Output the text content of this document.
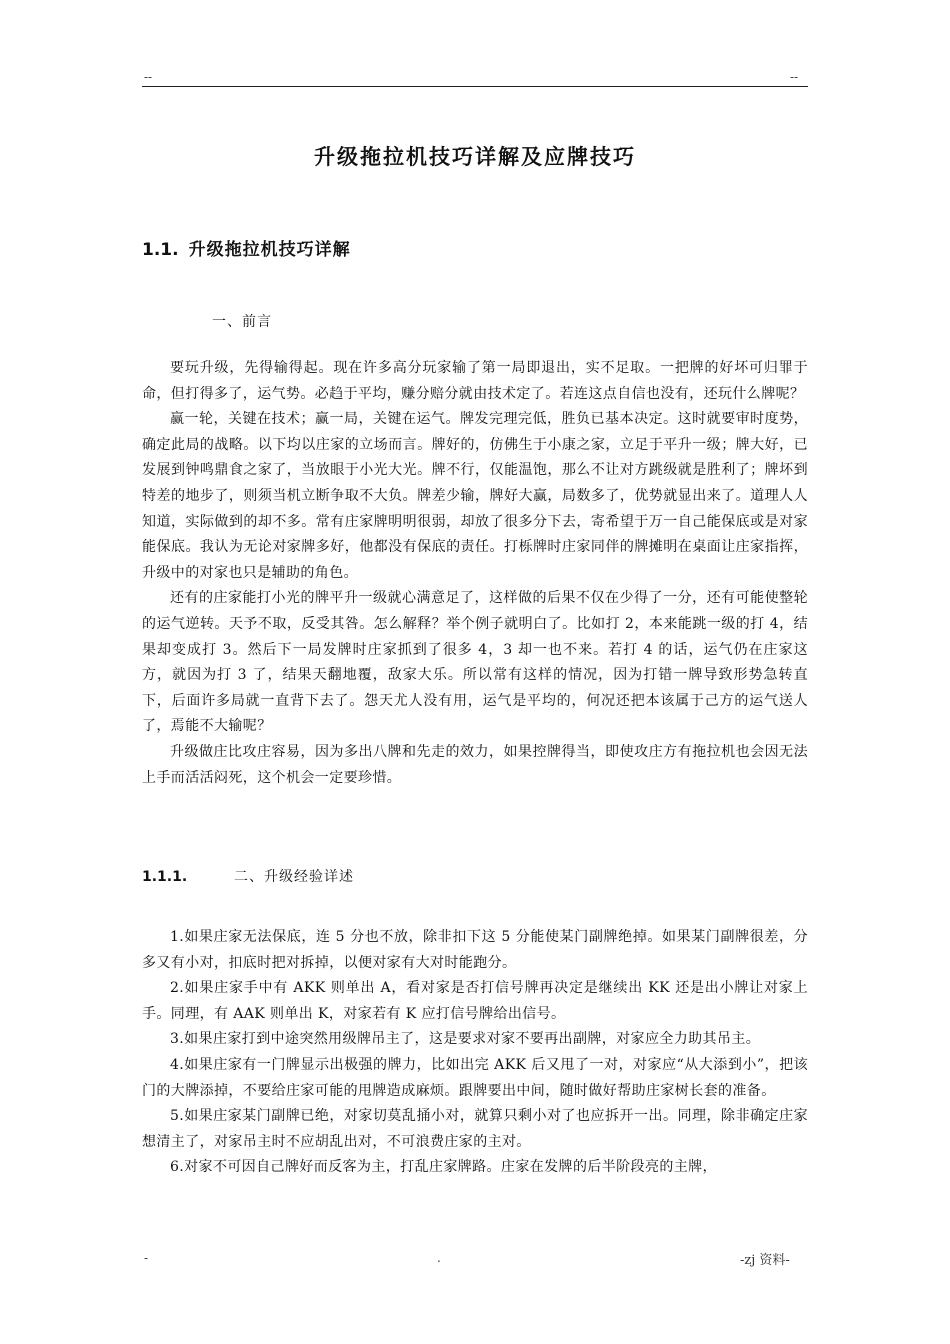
--	--
升级拖拉机技巧详解及应牌技巧
1.1. 升级拖拉机技巧详解
一、前言

要玩升级，先得输得起。现在许多高分玩家输了第一局即退出，实不足取。一把牌的好坏可归罪于命，但打得多了，运气势。必趋于平均，赚分赔分就由技术定了。若连这点自信也没有，还玩什么牌呢？

赢一轮，关键在技术；赢一局，关键在运气。牌发完理完低，胜负已基本决定。这时就要审时度势，确定此局的战略。以下均以庄家的立场而言。牌好的，仿佛生于小康之家，立足于平升一级；牌大好，已发展到钟鸣鼎食之家了，当放眼于小光大光。牌不行，仅能温饱，那么不让对方跳级就是胜利了；牌坏到特差的地步了，则须当机立断争取不大负。牌差少输，牌好大赢，局数多了，优势就显出来了。道理人人知道，实际做到的却不多。常有庄家牌明明很弱，却放了很多分下去，寄希望于万一自己能保底或是对家能保底。我认为无论对家牌多好，他都没有保底的责任。打栎牌时庄家同伴的牌摊明在桌面让庄家指挥，升级中的对家也只是辅助的角色。

还有的庄家能打小光的牌平升一级就心满意足了，这样做的后果不仅在少得了一分，还有可能使整轮的运气逆转。天予不取，反受其咎。怎么解释？举个例子就明白了。比如打 2，本来能跳一级的打 4，结果却变成打 3。然后下一局发牌时庄家抓到了很多 4，3 却一也不来。若打 4 的话，运气仍在庄家这方，就因为打 3 了，结果天翻地覆，敌家大乐。所以常有这样的情况，因为打错一牌导致形势急转直下，后面许多局就一直背下去了。怨天尤人没有用，运气是平均的，何况还把本该属于己方的运气送人了，焉能不大输呢？

升级做庄比攻庄容易，因为多出八牌和先走的效力，如果控牌得当，即使攻庄方有拖拉机也会因无法上手而活活闷死，这个机会一定要珍惜。

1.1.1.	二、升级经验详述

1.如果庄家无法保底，连 5 分也不放，除非扣下这 5 分能使某门副牌绝掉。如果某门副牌很差，分多又有小对，扣底时把对拆掉，以便对家有大对时能跑分。

2.如果庄家手中有 AKK 则单出 A，看对家是否打信号牌再决定是继续出 KK 还是出小牌让对家上手。同理，有 AAK 则单出 K，对家若有 K 应打信号牌给出信号。

3.如果庄家打到中途突然用级牌吊主了，这是要求对家不要再出副牌，对家应全力助其吊主。

4.如果庄家有一门牌显示出极强的牌力，比如出完 AKK 后又甩了一对，对家应“从大添到小”，把该门的大牌添掉，不要给庄家可能的甩牌造成麻烦。跟牌要出中间，随时做好帮助庄家树长套的准备。

5.如果庄家某门副牌已绝，对家切莫乱捅小对，就算只剩小对了也应拆开一出。同理，除非确定庄家想清主了，对家吊主时不应胡乱出对，不可浪费庄家的主对。

6.对家不可因自己牌好而反客为主，打乱庄家牌路。庄家在发牌的后半阶段亮的主牌，

-	.	-zj 资料-
